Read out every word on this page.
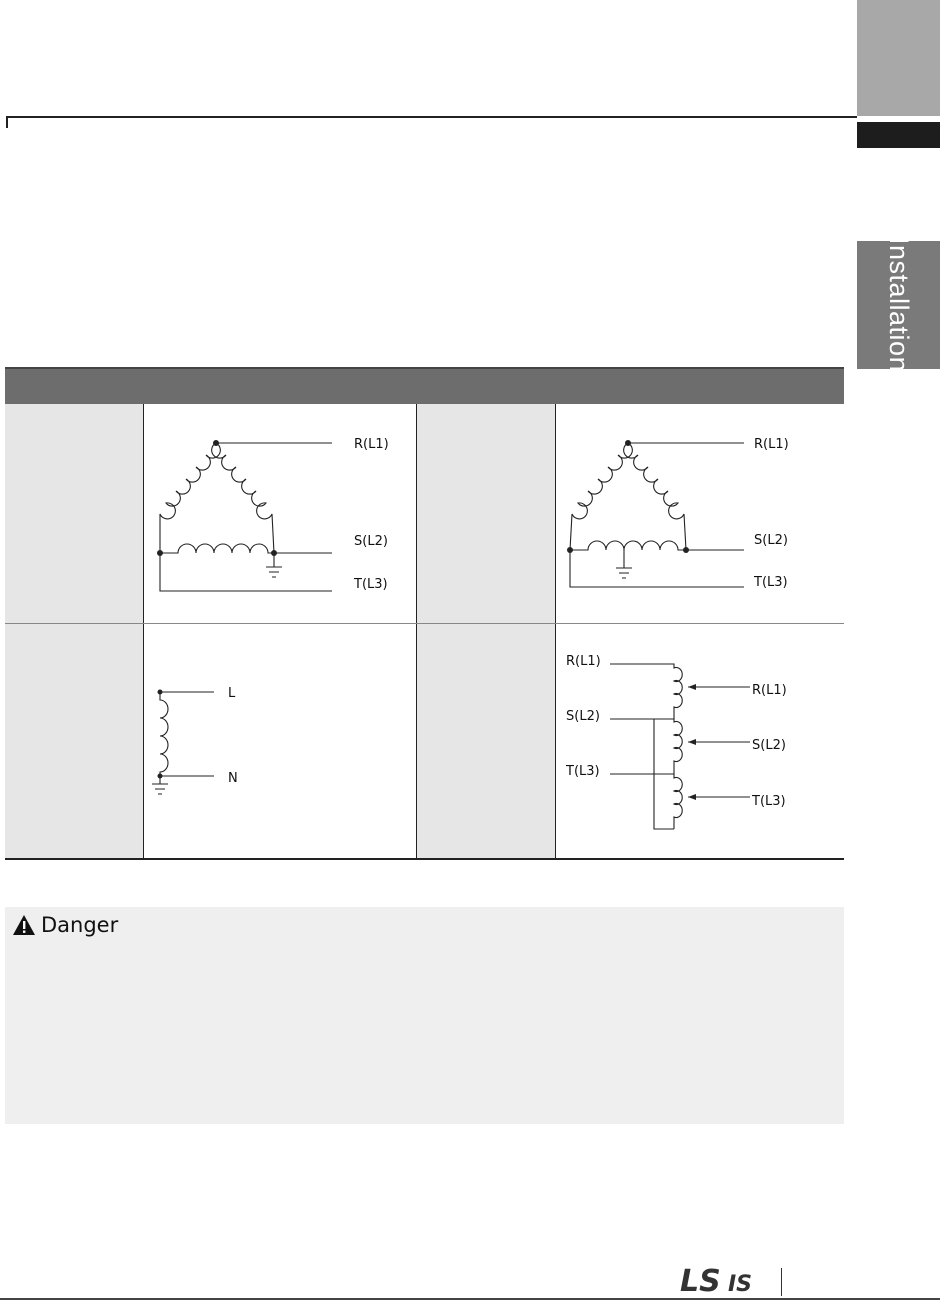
Installation
R(L1)
S(L2)
T(L3)
R(L1)
S(L2)
T(L3)
L
N
R(L1)
S(L2)
T(L3)
R(L1)
S(L2)
T(L3)
Danger
LS IS
